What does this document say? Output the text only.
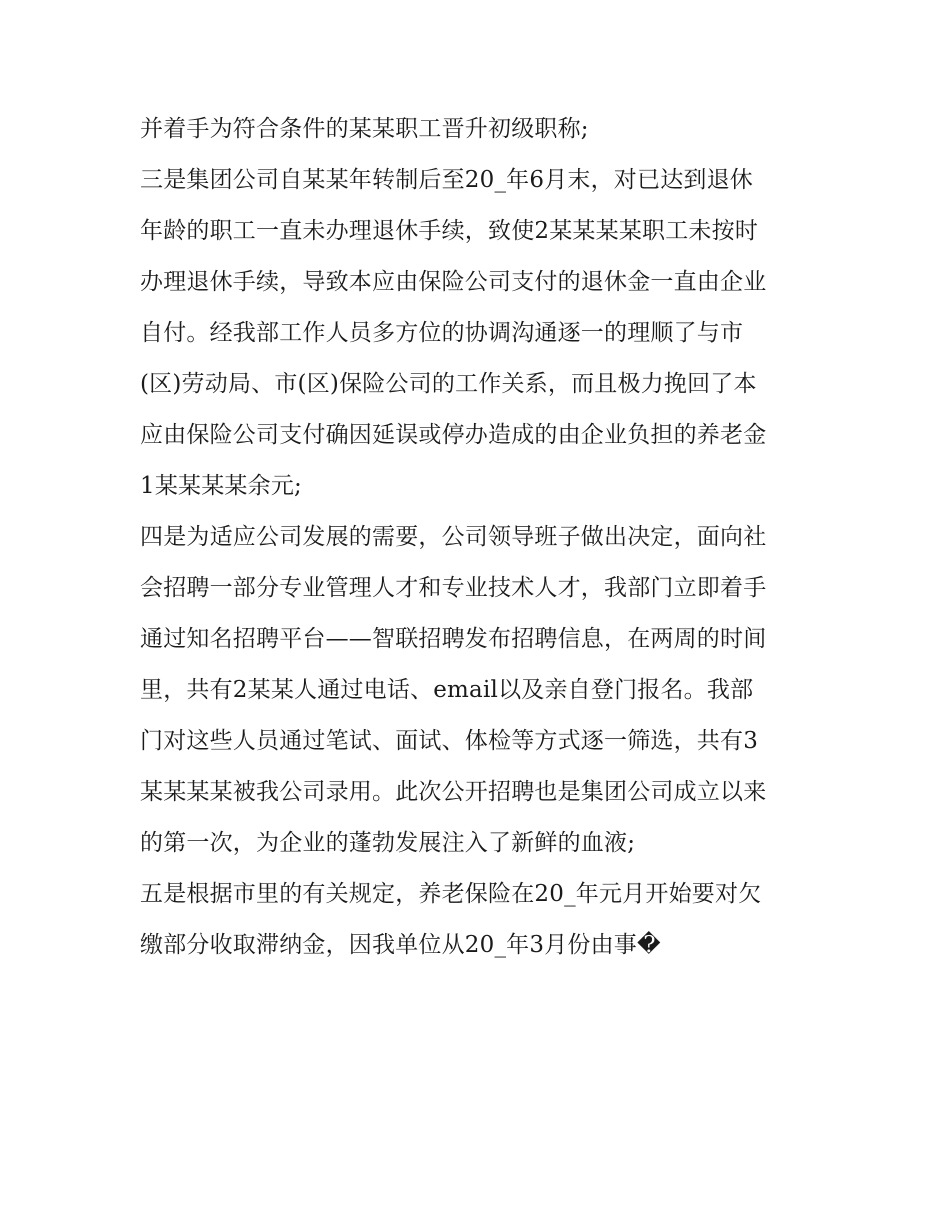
并着手为符合条件的某某职工晋升初级职称;
三是集团公司自某某年转制后至20_年6月末，对已达到退休
年龄的职工一直未办理退休手续，致使2某某某某职工未按时
办理退休手续，导致本应由保险公司支付的退休金一直由企业
自付。经我部工作人员多方位的协调沟通逐一的理顺了与市
(区)劳动局、市(区)保险公司的工作关系，而且极力挽回了本
应由保险公司支付确因延误或停办造成的由企业负担的养老金
1某某某某余元;
四是为适应公司发展的需要，公司领导班子做出决定，面向社
会招聘一部分专业管理人才和专业技术人才，我部门立即着手
通过知名招聘平台——智联招聘发布招聘信息，在两周的时间
里，共有2某某人通过电话、email以及亲自登门报名。我部
门对这些人员通过笔试、面试、体检等方式逐一筛选，共有3
某某某某被我公司录用。此次公开招聘也是集团公司成立以来
的第一次，为企业的蓬勃发展注入了新鲜的血液;
五是根据市里的有关规定，养老保险在20_年元月开始要对欠
缴部分收取滞纳金，因我单位从20_年3月份由事�
